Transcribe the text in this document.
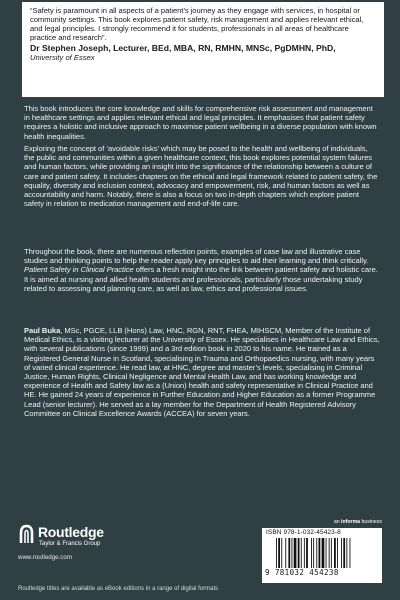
“Safety is paramount in all aspects of a patient’s journey as they engage with services, in hospital or community settings. This book explores patient safety, risk management and applies relevant ethical, and legal principles. I strongly recommend it for students, professionals in all areas of healthcare practice and research”.
Dr Stephen Joseph, Lecturer, BEd, MBA, RN, RMHN, MNSc, PgDMHN, PhD,
University of Essex
This book introduces the core knowledge and skills for comprehensive risk assessment and management in healthcare settings and applies relevant ethical and legal principles. It emphasises that patient safety requires a holistic and inclusive approach to maximise patient wellbeing in a diverse population with known health inequalities.
Exploring the concept of ‘avoidable risks’ which may be posed to the health and wellbeing of individuals, the public and communities within a given healthcare context, this book explores potential system failures and human factors, while providing an insight into the significance of the relationship between a culture of care and patient safety. It includes chapters on the ethical and legal framework related to patient safety, the equality, diversity and inclusion context, advocacy and empowerment, risk, and human factors as well as accountability and harm. Notably, there is also a focus on two in-depth chapters which explore patient safety in relation to medication management and end-of-life care.
Throughout the book, there are numerous reflection points, examples of case law and illustrative case studies and thinking points to help the reader apply key principles to aid their learning and think critically. Patient Safety in Clinical Practice offers a fresh insight into the link between patient safety and holistic care. It is aimed at nursing and allied health students and professionals, particularly those undertaking study related to assessing and planning care, as well as law, ethics and professional issues.
Paul Buka, MSc, PGCE, LLB (Hons) Law, HNC, RGN, RNT, FHEA, MIHSCM, Member of the Institute of Medical Ethics, is a visiting lecturer at the University of Essex. He specialises in Healthcare Law and Ethics, with several publications (since 1999) and a 3rd edition book in 2020 to his name. He trained as a Registered General Nurse in Scotland, specialising in Trauma and Orthopaedics nursing, with many years of varied clinical experience. He read law, at HNC, degree and master’s levels, specialising in Criminal Justice, Human Rights, Clinical Negligence and Mental Health Law, and has working knowledge and experience of Health and Safety law as a (Union) health and safety representative in Clinical Practice and HE. He gained 24 years of experience in Further Education and Higher Education as a former Programme Lead (senior lecturer). He served as a lay member for the Department of Health Registered Advisory Committee on Clinical Excellence Awards (ACCEA) for seven years.
Routledge
Taylor & Francis Group
www.routledge.com
an informa business
ISBN 978-1-032-45423-8
9 781032 454238
Routledge titles are available as eBook editions in a range of digital formats
